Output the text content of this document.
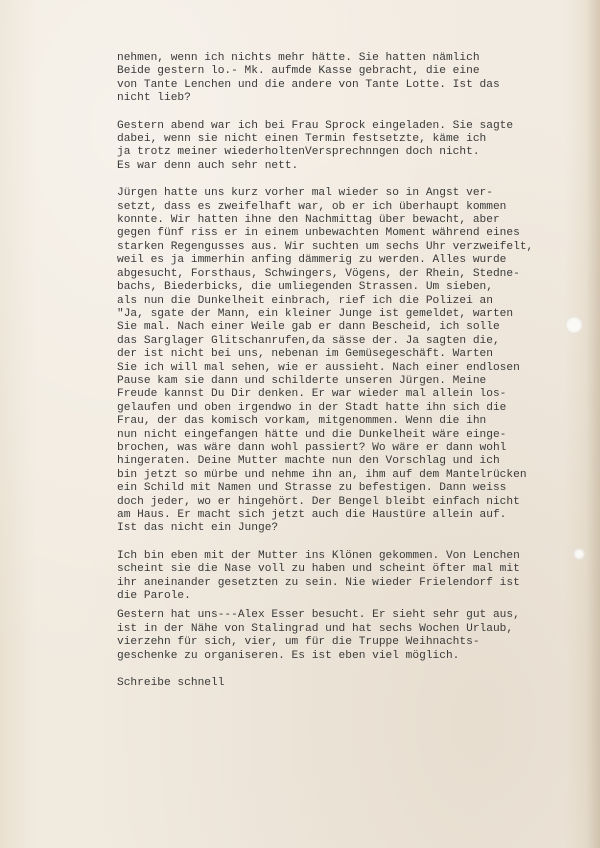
nehmen, wenn ich nichts mehr hätte. Sie hatten nämlich
Beide gestern lo.- Mk. aufmde Kasse gebracht, die eine
von Tante Lenchen und die andere von Tante Lotte. Ist das
nicht lieb?
Gestern abend war ich bei Frau Sprock eingeladen. Sie sagte
dabei, wenn sie nicht einen Termin festsetzte, käme ich
ja trotz meiner wiederholtenVersprechnngen doch nicht.
Es war denn auch sehr nett.
Jürgen hatte uns kurz vorher mal wieder so in Angst ver-
setzt, dass es zweifelhaft war, ob er ich überhaupt kommen
konnte. Wir hatten ihne den Nachmittag über bewacht, aber
gegen fünf riss er in einem unbewachten Moment während eines
starken Regengusses aus. Wir suchten um sechs Uhr verzweifelt,
weil es ja immerhin anfing dämmerig zu werden. Alles wurde
abgesucht, Forsthaus, Schwingers, Vögens, der Rhein, Stedne-
bachs, Biederbicks, die umliegenden Strassen. Um sieben,
als nun die Dunkelheit einbrach, rief ich die Polizei an
"Ja, sgate der Mann, ein kleiner Junge ist gemeldet, warten
Sie mal. Nach einer Weile gab er dann Bescheid, ich solle
das Sarglager Glitschanrufen,da sässe der. Ja sagten die,
der ist nicht bei uns, nebenan im Gemüsegeschäft. Warten
Sie ich will mal sehen, wie er aussieht. Nach einer endlosen
Pause kam sie dann und schilderte unseren Jürgen. Meine
Freude kannst Du Dir denken. Er war wieder mal allein los-
gelaufen und oben irgendwo in der Stadt hatte ihn sich die
Frau, der das komisch vorkam, mitgenommen. Wenn die ihn
nun nicht eingefangen hätte und die Dunkelheit wäre einge-
brochen, was wäre dann wohl passiert? Wo wäre er dann wohl
hingeraten. Deine Mutter machte nun den Vorschlag und ich
bin jetzt so mürbe und nehme ihn an, ihm auf dem Mantelrücken
ein Schild mit Namen und Strasse zu befestigen. Dann weiss
doch jeder, wo er hingehört. Der Bengel bleibt einfach nicht
am Haus. Er macht sich jetzt auch die Haustüre allein auf.
Ist das nicht ein Junge?
Ich bin eben mit der Mutter ins Klönen gekommen. Von Lenchen
scheint sie die Nase voll zu haben und scheint öfter mal mit
ihr aneinander gesetzten zu sein. Nie wieder Frielendorf ist
die Parole.
Gestern hat uns---Alex Esser besucht. Er sieht sehr gut aus,
ist in der Nähe von Stalingrad und hat sechs Wochen Urlaub,
vierzehn für sich, vier, um für die Truppe Weihnachts-
geschenke zu organiseren. Es ist eben viel möglich.
Schreibe schnell
